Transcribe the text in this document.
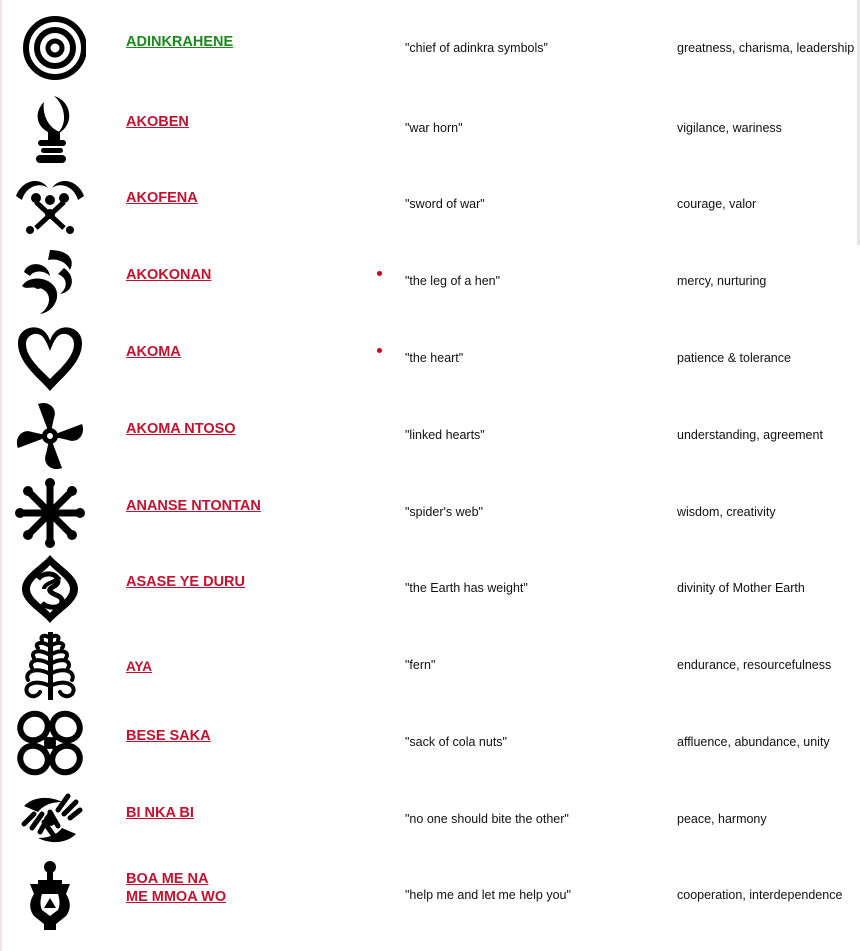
ADINKRAHENE	"chief of adinkra symbols"	greatness, charisma, leadership
AKOBEN	"war horn"	vigilance, wariness
AKOFENA	"sword of war"	courage, valor
AKOKONAN	"the leg of a hen"	mercy, nurturing
AKOMA	"the heart"	patience & tolerance
AKOMA NTOSO	"linked hearts"	understanding, agreement
ANANSE NTONTAN	"spider's web"	wisdom, creativity
ASASE YE DURU	"the Earth has weight"	divinity of Mother Earth
AYA	"fern"	endurance, resourcefulness
BESE SAKA	"sack of cola nuts"	affluence, abundance, unity
BI NKA BI	"no one should bite the other"	peace, harmony
BOA ME NA
ME MMOA WO	"help me and let me help you"	cooperation, interdependence
